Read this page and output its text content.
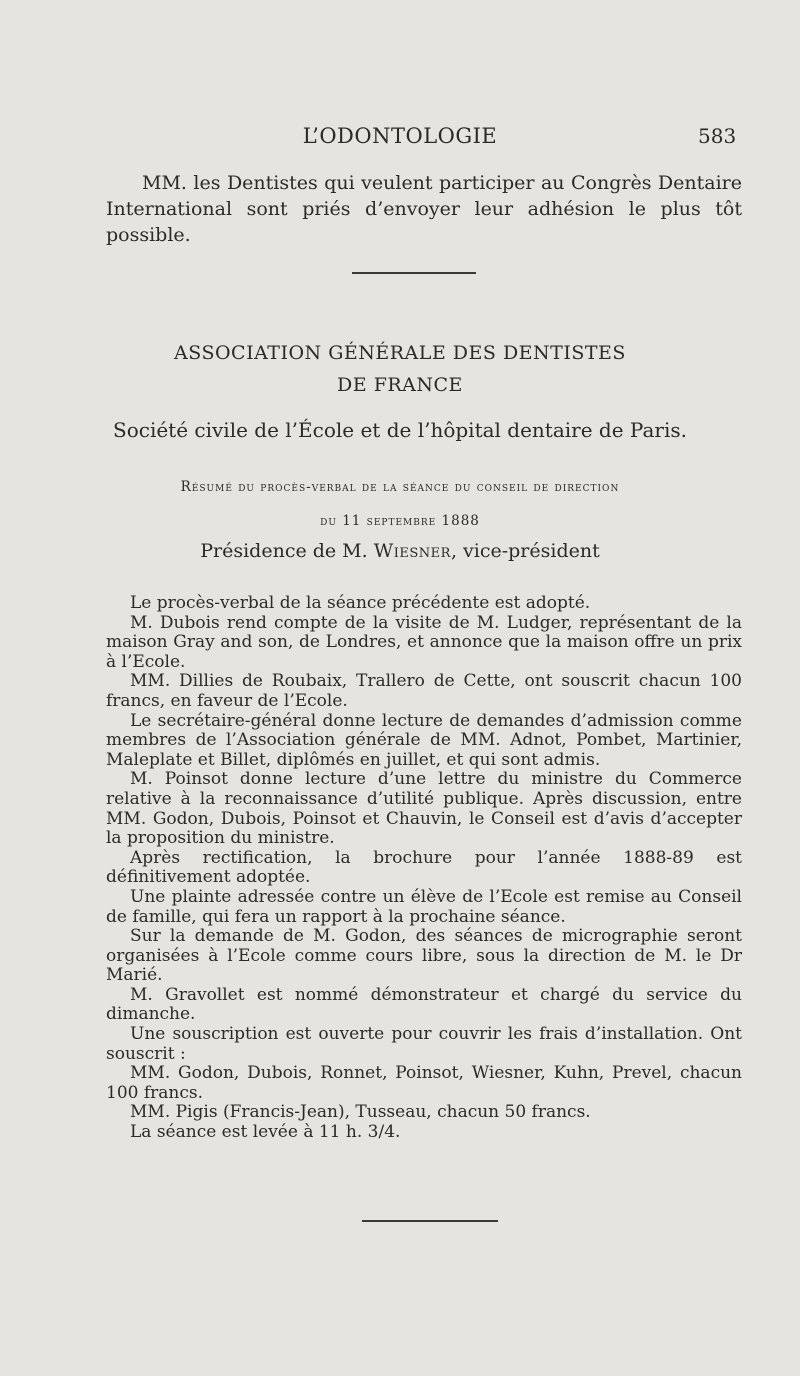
L’ODONTOLOGIE	583

MM. les Dentistes qui veulent participer au Congrès Dentaire International sont priés d’envoyer leur adhésion le plus tôt possible.

ASSOCIATION GÉNÉRALE DES DENTISTES
DE FRANCE
Société civile de l’École et de l’hôpital dentaire de Paris.
Résumé du procès-verbal de la séance du conseil de direction
du 11 septembre 1888
Présidence de M. Wiesner, vice-président

Le procès-verbal de la séance précédente est adopté.

M. Dubois rend compte de la visite de M. Ludger, représentant de la maison Gray and son, de Londres, et annonce que la maison offre un prix à l’Ecole.

MM. Dillies de Roubaix, Trallero de Cette, ont souscrit chacun 100 francs, en faveur de l’Ecole.

Le secrétaire-général donne lecture de demandes d’admission comme membres de l’Association générale de MM. Adnot, Pombet, Martinier, Maleplate et Billet, diplômés en juillet, et qui sont admis.

M. Poinsot donne lecture d’une lettre du ministre du Commerce relative à la reconnaissance d’utilité publique. Après discussion, entre MM. Godon, Dubois, Poinsot et Chauvin, le Conseil est d’avis d’accepter la proposition du ministre.

Après rectification, la brochure pour l’année 1888-89 est définitivement adoptée.

Une plainte adressée contre un élève de l’Ecole est remise au Conseil de famille, qui fera un rapport à la prochaine séance.

Sur la demande de M. Godon, des séances de micrographie seront organisées à l’Ecole comme cours libre, sous la direction de M. le Dr Marié.

M. Gravollet est nommé démonstrateur et chargé du service du dimanche.

Une souscription est ouverte pour couvrir les frais d’installation. Ont souscrit :

MM. Godon, Dubois, Ronnet, Poinsot, Wiesner, Kuhn, Prevel, chacun 100 francs.

MM. Pigis (Francis-Jean), Tusseau, chacun 50 francs.

La séance est levée à 11 h. 3/4.
